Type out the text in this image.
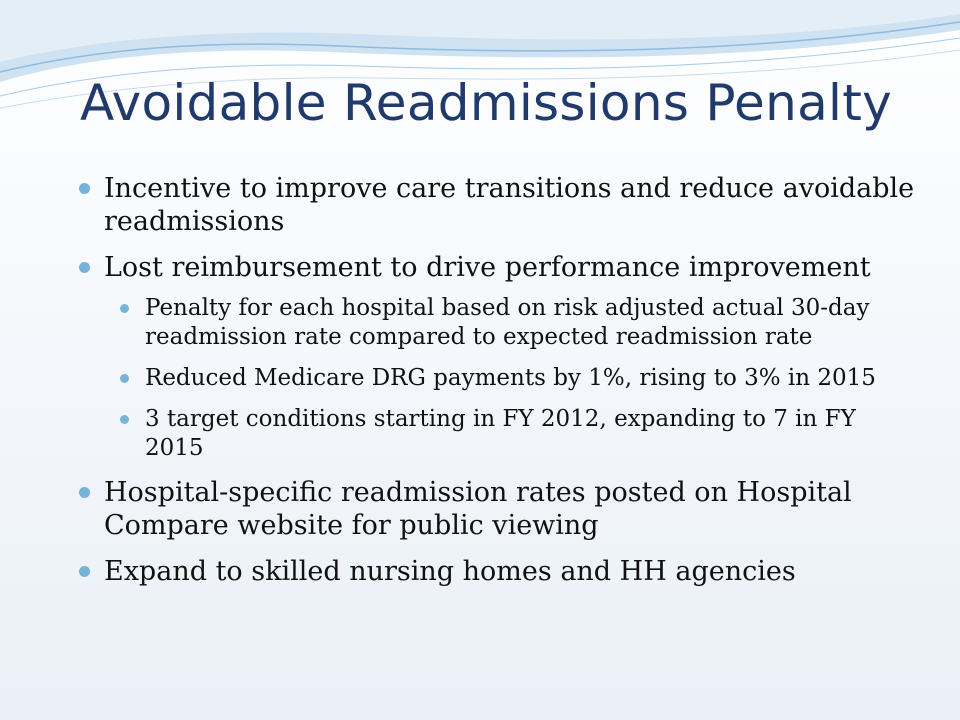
Avoidable Readmissions Penalty
Incentive to improve care transitions and reduce avoidable readmissions
Lost reimbursement to drive performance improvement
Penalty for each hospital based on risk adjusted actual 30-day readmission rate compared to expected readmission rate
Reduced Medicare DRG payments by 1%, rising to 3% in 2015
3 target conditions starting in FY 2012, expanding to 7 in FY 2015
Hospital-specific readmission rates posted on Hospital Compare website for public viewing
Expand to skilled nursing homes and HH agencies
